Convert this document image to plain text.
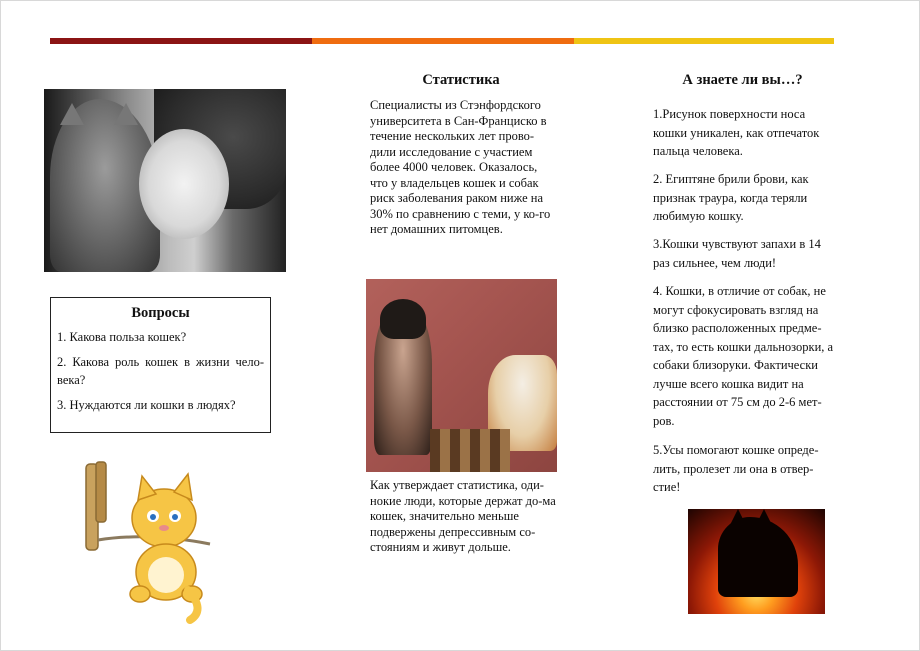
Вопросы

1. Какова польза кошек?

2. Какова роль кошек в жизни чело-века?

3. Нуждаются ли кошки в людях?

Статистика

Специалисты из Стэнфордского университета в Сан-Франциско в течение нескольких лет прово-дили исследование с участием более 4000 человек. Оказалось, что у владельцев кошек и собак риск заболевания раком ниже на 30% по сравнению с теми, у ко-го нет домашних питомцев.

Как утверждает статистика, оди-нокие люди, которые держат до-ма кошек, значительно меньше подвержены депрессивным со-стояниям и живут дольше.

А знаете ли вы…?

1.Рисунок поверхности носа кошки уникален, как отпечаток пальца человека.

2. Египтяне брили брови, как признак траура, когда теряли любимую кошку.

3.Кошки чувствуют запахи в 14 раз сильнее, чем люди!

4. Кошки, в отличие от собак, не могут сфокусировать взгляд на близко расположенных предме-тах, то есть кошки дальнозорки, а собаки близоруки. Фактически лучше всего кошка видит на расстоянии от 75 см до 2-6 мет-ров.

5.Усы помогают кошке опреде-лить, пролезет ли она в отвер-стие!
